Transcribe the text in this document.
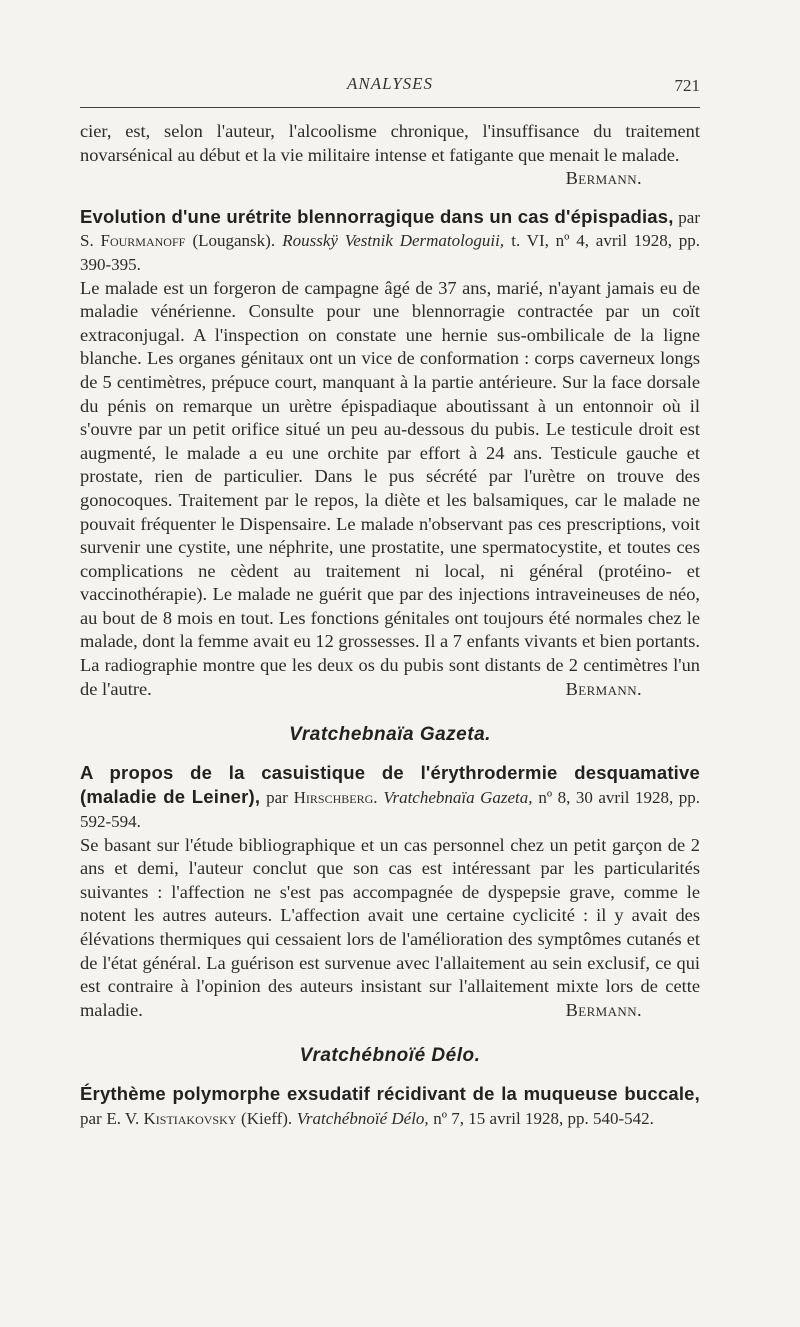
ANALYSES	721

cier, est, selon l'auteur, l'alcoolisme chronique, l'insuffisance du traitement novarsénical au début et la vie militaire intense et fatigante que menait le malade.
Bermann.

Evolution d'une urétrite blennorragique dans un cas d'épispadias, par S. Fourmanoff (Lougansk). Rousskÿ Vestnik Dermatologuii, t. VI, nº 4, avril 1928, pp. 390-395.

Le malade est un forgeron de campagne âgé de 37 ans, marié, n'ayant jamais eu de maladie vénérienne. Consulte pour une blennorragie contractée par un coït extraconjugal. A l'inspection on constate une hernie sus-ombilicale de la ligne blanche. Les organes génitaux ont un vice de conformation : corps caverneux longs de 5 centimètres, prépuce court, manquant à la partie antérieure. Sur la face dorsale du pénis on remarque un urètre épispadiaque aboutissant à un entonnoir où il s'ouvre par un petit orifice situé un peu au-dessous du pubis. Le testicule droit est augmenté, le malade a eu une orchite par effort à 24 ans. Testicule gauche et prostate, rien de particulier. Dans le pus sécrété par l'urètre on trouve des gonocoques. Traitement par le repos, la diète et les balsamiques, car le malade ne pouvait fréquenter le Dispensaire. Le malade n'observant pas ces prescriptions, voit survenir une cystite, une néphrite, une prostatite, une spermatocystite, et toutes ces complications ne cèdent au traitement ni local, ni général (protéino- et vaccinothérapie). Le malade ne guérit que par des injections intraveineuses de néo, au bout de 8 mois en tout. Les fonctions génitales ont toujours été normales chez le malade, dont la femme avait eu 12 grossesses. Il a 7 enfants vivants et bien portants. La radiographie montre que les deux os du pubis sont distants de 2 centimètres l'un de l'autre.	Bermann.

Vratchebnaïa Gazeta.

A propos de la casuistique de l'érythrodermie desquamative (maladie de Leiner), par Hirschberg. Vratchebnaïa Gazeta, nº 8, 30 avril 1928, pp. 592-594.

Se basant sur l'étude bibliographique et un cas personnel chez un petit garçon de 2 ans et demi, l'auteur conclut que son cas est intéressant par les particularités suivantes : l'affection ne s'est pas accompagnée de dyspepsie grave, comme le notent les autres auteurs. L'affection avait une certaine cyclicité : il y avait des élévations thermiques qui cessaient lors de l'amélioration des symptômes cutanés et de l'état général. La guérison est survenue avec l'allaitement au sein exclusif, ce qui est contraire à l'opinion des auteurs insistant sur l'allaitement mixte lors de cette maladie.	Bermann.

Vratchébnoïé Délo.

Érythème polymorphe exsudatif récidivant de la muqueuse buccale, par E. V. Kistiakovsky (Kieff). Vratchébnoïé Délo, nº 7, 15 avril 1928, pp. 540-542.
